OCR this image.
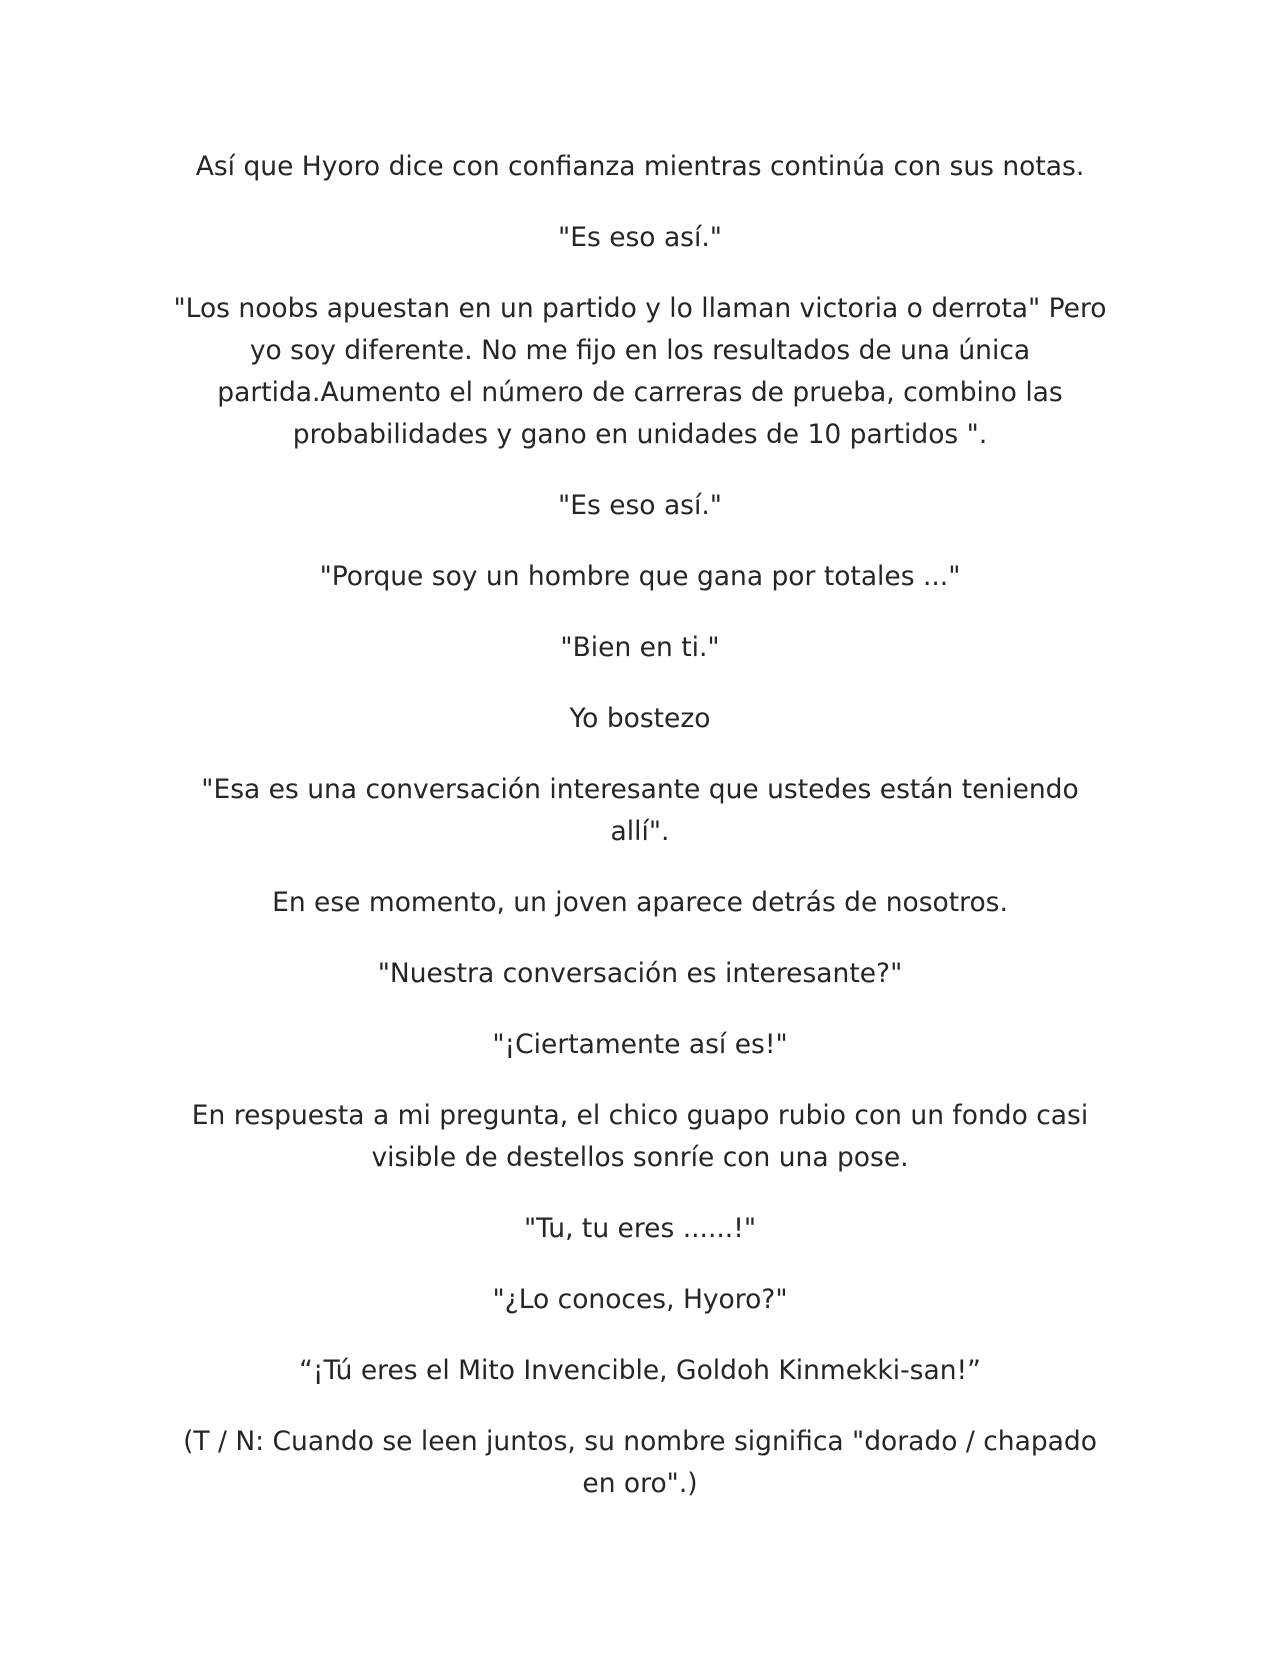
Así que Hyoro dice con confianza mientras continúa con sus notas.

"Es eso así."

"Los noobs apuestan en un partido y lo llaman victoria o derrota" Pero yo soy diferente. No me fijo en los resultados de una única partida.Aumento el número de carreras de prueba, combino las probabilidades y gano en unidades de 10 partidos ".

"Es eso así."

"Porque soy un hombre que gana por totales ..."

"Bien en ti."

Yo bostezo

"Esa es una conversación interesante que ustedes están teniendo allí".

En ese momento, un joven aparece detrás de nosotros.

"Nuestra conversación es interesante?"

"¡Ciertamente así es!"

En respuesta a mi pregunta, el chico guapo rubio con un fondo casi visible de destellos sonríe con una pose.

"Tu, tu eres ......!"

"¿Lo conoces, Hyoro?"

“¡Tú eres el Mito Invencible, Goldoh Kinmekki-san!”

(T / N: Cuando se leen juntos, su nombre significa "dorado / chapado en oro".)
